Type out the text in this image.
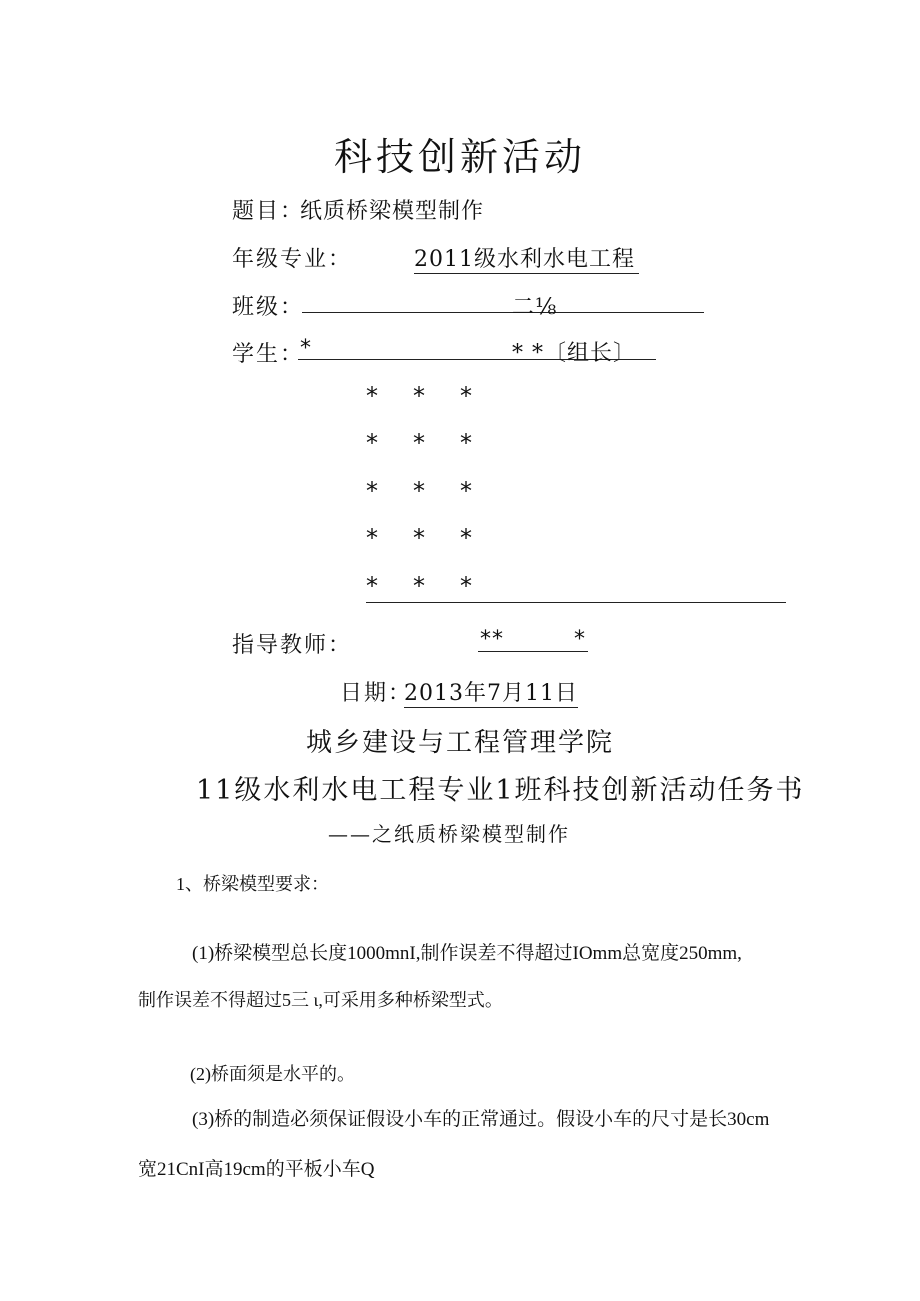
科技创新活动
题目：
纸质桥梁模型制作
年级专业：	2011级水利水电工程
班级：	二⅛
学生：
*	* *〔组长〕
* * *
* * *
* * *
* * *
* * *
指导教师：	**	*
日期：
2013年7月11日
城乡建设与工程管理学院
11级水利水电工程专业1班科技创新活动任务书
——之纸质桥梁模型制作
1、桥梁模型要求：
(1)桥梁模型总长度1000mnI,制作误差不得超过IOmm总宽度250mm,
制作误差不得超过5三 ι,可采用多种桥梁型式。
(2)桥面须是水平的。
(3)桥的制造必须保证假设小车的正常通过。假设小车的尺寸是长30cm
宽21CnI高19cm的平板小车Q
